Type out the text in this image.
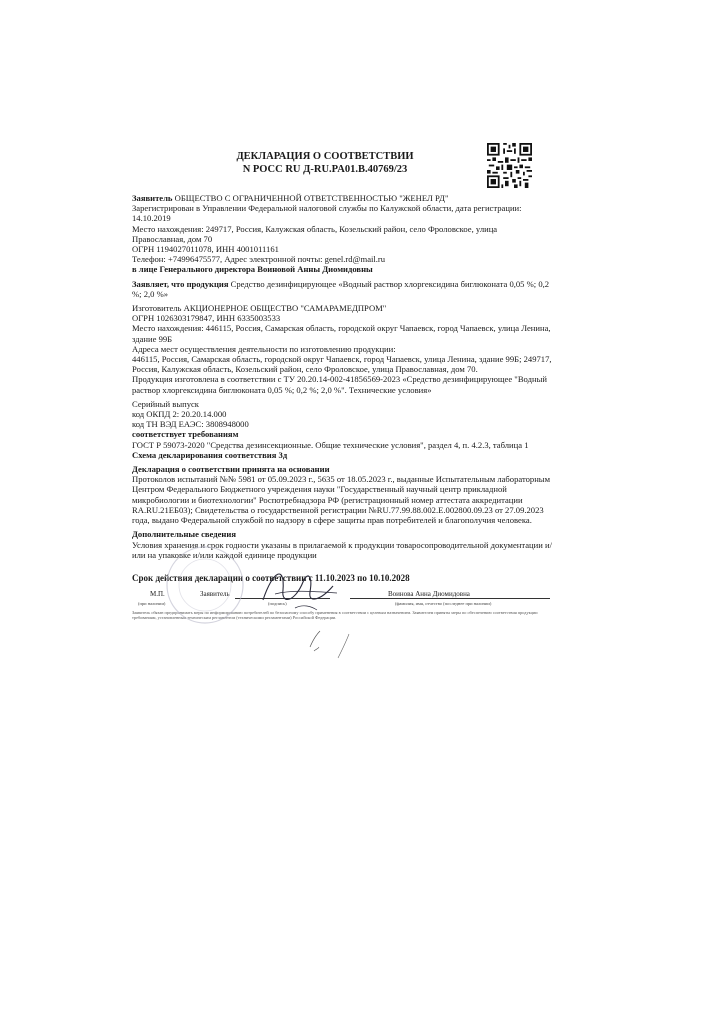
ДЕКЛАРАЦИЯ О СООТВЕТСТВИИ
N РОСС RU Д-RU.PA01.B.40769/23

Заявитель ОБЩЕСТВО С ОГРАНИЧЕННОЙ ОТВЕТСТВЕННОСТЬЮ "ЖЕНЕЛ РД"

Зарегистрирован в Управлении Федеральной налоговой службы по Калужской области, дата регистрации: 14.10.2019

Место нахождения: 249717, Россия, Калужская область, Козельский район, село Фроловское, улица Православная, дом 70

ОГРН 1194027011078, ИНН 4001011161

Телефон: +74996475577, Адрес электронной почты: genel.rd@mail.ru

в лице Генерального директора Воиновой Анны Диомидовны

Заявляет, что продукция Средство дезинфицирующее «Водный раствор хлоргексидина биглюконата 0,05 %; 0,2 %; 2,0 %»

Изготовитель АКЦИОНЕРНОЕ ОБЩЕСТВО "САМАРАМЕДПРОМ"

ОГРН 1026303179847, ИНН 6335003533

Место нахождения: 446115, Россия, Самарская область, городской округ Чапаевск, город Чапаевск, улица Ленина, здание 99Б

Адреса мест осуществления деятельности по изготовлению продукции:

446115, Россия, Самарская область, городской округ Чапаевск, город Чапаевск, улица Ленина, здание 99Б; 249717, Россия, Калужская область, Козельский район, село Фроловское, улица Православная, дом 70.

Продукция изготовлена в соответствии с ТУ 20.20.14-002-41856569-2023 «Средство дезинфицирующее "Водный раствор хлоргексидина биглюконата 0,05 %; 0,2 %; 2,0 %". Технические условия»

Серийный выпуск

код ОКПД 2: 20.20.14.000

код ТН ВЭД ЕАЭС: 3808948000

соответствует требованиям

ГОСТ Р 59073-2020 "Средства дезинсекционные. Общие технические условия", раздел 4, п. 4.2.3, таблица 1

Схема декларирования соответствия 3д

Декларация о соответствии принята на основании

Протоколов испытаний №№ 5981 от 05.09.2023 г., 5635 от 18.05.2023 г., выданные Испытательным лабораторным Центром Федерального Бюджетного учреждения науки "Государственный научный центр прикладной микробиологии и биотехнологии" Роспотребнадзора РФ (регистрационный номер аттестата аккредитации RA.RU.21ЕБ03); Свидетельства о государственной регистрации №RU.77.99.88.002.Е.002800.09.23 от 27.09.2023 года, выдано Федеральной службой по надзору в сфере защиты прав потребителей и благополучия человека.

Дополнительные сведения

Условия хранения и срок годности указаны в прилагаемой к продукции товаросопроводительной документации и/или на упаковке и/или каждой единице продукции

Срок действия декларации о соответствии с 11.10.2023 по 10.10.2028
М.П.	Заявитель	Воинова Анна Диомидовна
(при наличии)	(подпись)	(фамилия, имя, отчество (последнее при наличии)
Заявитель обязан предпринимать меры по информированию потребителей по безопасному способу применения в соответствии с целевым назначением. Заявителем приняты меры по обеспечению соответствия продукции требованиям, установленным техническим регламентом (техническими регламентами) Российской Федерации.
